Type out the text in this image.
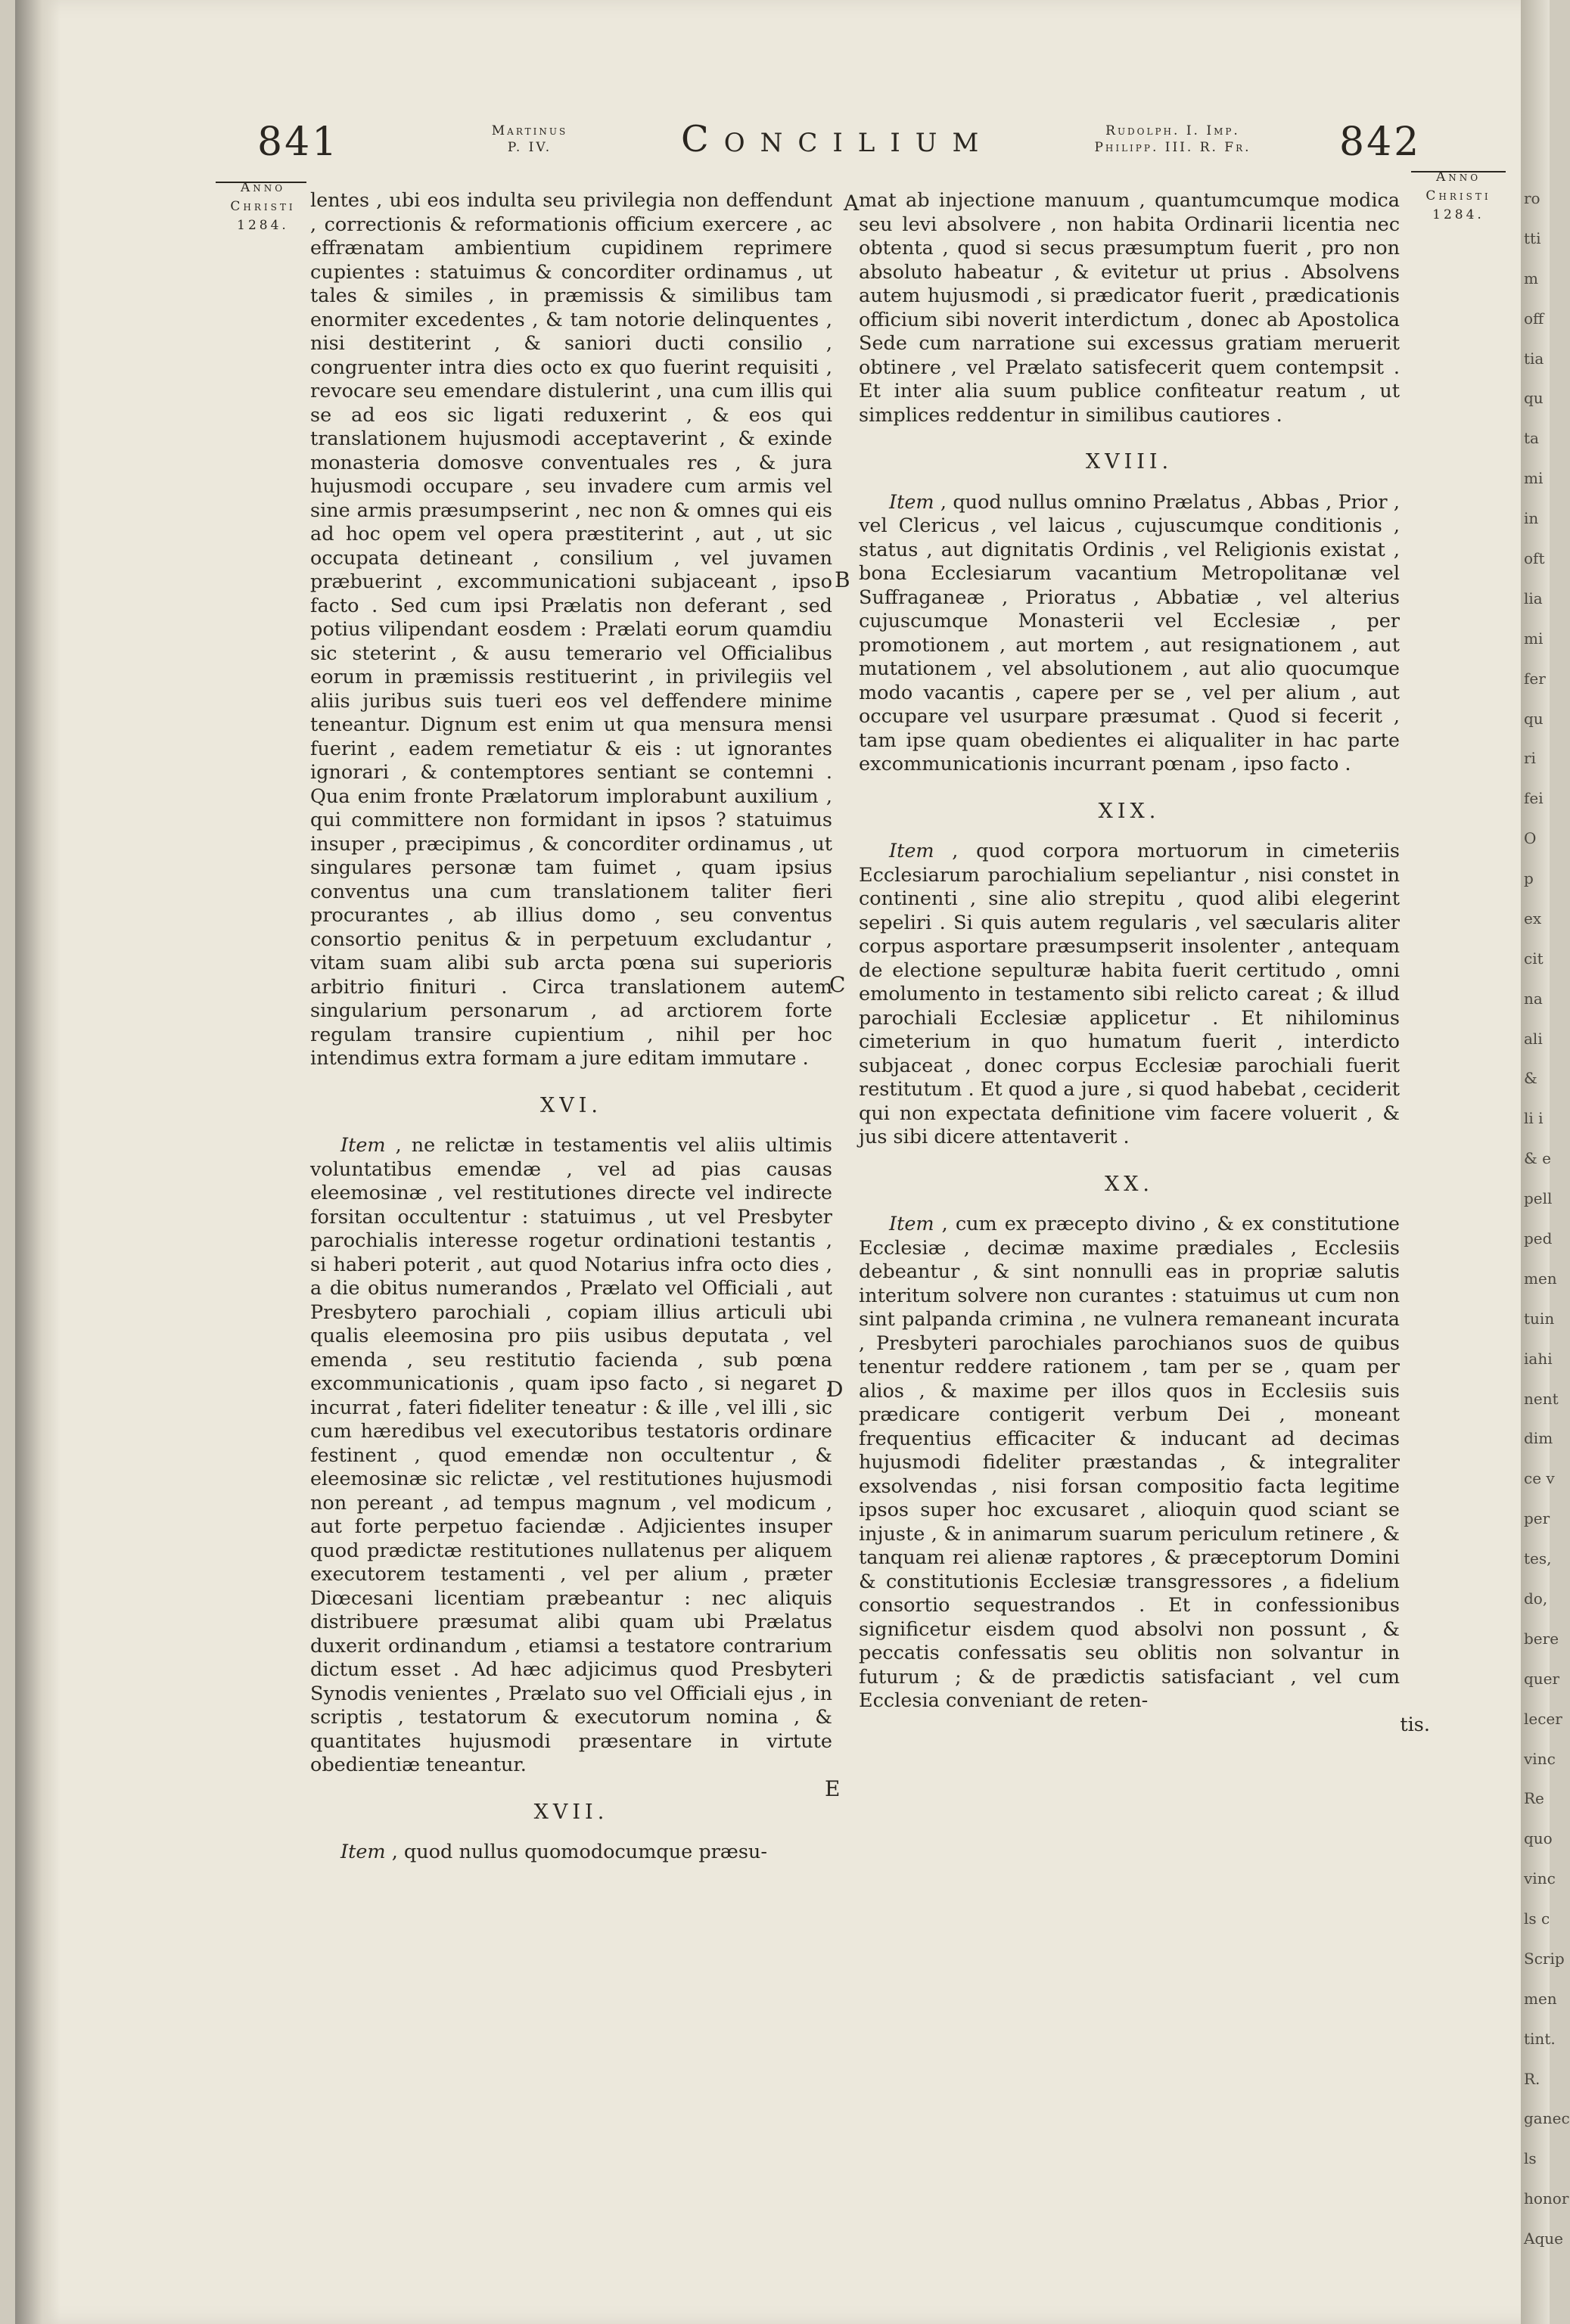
ro
tti
m
off
tia
qu
ta
mi
in
oft
lia
mi
fer
qu
ri
fei
O
p
ex
cit
na
ali
&
li i
& e
pell
ped
men
tuin
iahi
nent
dim
ce v
per
tes,
do,
bere
quer
lecer
vinc
Re
quo
vinc
ls c
Scrip
men
tint.
R.
ganec
ls
honor
Aque
841	Martinus
P. IV.	Concilium	Rudolph. I. Imp.
Philipp. III. R. Fr.	842
Anno
Christi
1284.
Anno
Christi
1284.
A
B
C
D
E

lentes , ubi eos indulta seu privilegia non deffendunt , correctionis & reformationis officium exercere , ac effrænatam ambientium cupidinem reprimere cupientes : statuimus & concorditer ordinamus , ut tales & similes , in præmissis & similibus tam enormiter excedentes , & tam notorie delinquentes , nisi destiterint , & saniori ducti consilio , congruenter intra dies octo ex quo fuerint requisiti , revocare seu emendare distulerint , una cum illis qui se ad eos sic ligati reduxerint , & eos qui translationem hujusmodi acceptaverint , & exinde monasteria domosve conventuales res , & jura hujusmodi occupare , seu invadere cum armis vel sine armis præsumpserint , nec non & omnes qui eis ad hoc opem vel opera præstiterint , aut , ut sic occupata detineant , consilium , vel juvamen præbuerint , excommunicationi subjaceant , ipso facto . Sed cum ipsi Prælatis non deferant , sed potius vilipendant eosdem : Prælati eorum quamdiu sic steterint , & ausu temerario vel Officialibus eorum in præmissis restituerint , in privilegiis vel aliis juribus suis tueri eos vel deffendere minime teneantur. Dignum est enim ut qua mensura mensi fuerint , eadem remetiatur & eis : ut ignorantes ignorari , & contemptores sentiant se contemni . Qua enim fronte Prælatorum implorabunt auxilium , qui committere non formidant in ipsos ? statuimus insuper , præcipimus , & concorditer ordinamus , ut singulares personæ tam fuimet , quam ipsius conventus una cum translationem taliter fieri procurantes , ab illius domo , seu conventus consortio penitus & in perpetuum excludantur , vitam suam alibi sub arcta pœna sui superioris arbitrio finituri . Circa translationem autem singularium personarum , ad arctiorem forte regulam transire cupientium , nihil per hoc intendimus extra formam a jure editam immutare .

XVI.

Item , ne relictæ in testamentis vel aliis ultimis voluntatibus emendæ , vel ad pias causas eleemosinæ , vel restitutiones directe vel indirecte forsitan occultentur : statuimus , ut vel Presbyter parochialis interesse rogetur ordinationi testantis , si haberi poterit , aut quod Notarius infra octo dies , a die obitus numerandos , Prælato vel Officiali , aut Presbytero parochiali , copiam illius articuli ubi qualis eleemosina pro piis usibus deputata , vel emenda , seu restitutio facienda , sub pœna excommunicationis , quam ipso facto , si negaret , incurrat , fateri fideliter teneatur : & ille , vel illi , sic cum hæredibus vel executoribus testatoris ordinare festinent , quod emendæ non occultentur , & eleemosinæ sic relictæ , vel restitutiones hujusmodi non pereant , ad tempus magnum , vel modicum , aut forte perpetuo faciendæ . Adjicientes insuper quod prædictæ restitutiones nullatenus per aliquem executorem testamenti , vel per alium , præter Diœcesani licentiam præbeantur : nec aliquis distribuere præsumat alibi quam ubi Prælatus duxerit ordinandum , etiamsi a testatore contrarium dictum esset . Ad hæc adjicimus quod Presbyteri Synodis venientes , Prælato suo vel Officiali ejus , in scriptis , testatorum & executorum nomina , & quantitates hujusmodi præsentare in virtute obedientiæ teneantur.

XVII.

Item , quod nullus quomodocumque præsu-

mat ab injectione manuum , quantumcumque modica seu levi absolvere , non habita Ordinarii licentia nec obtenta , quod si secus præsumptum fuerit , pro non absoluto habeatur , & evitetur ut prius . Absolvens autem hujusmodi , si prædicator fuerit , prædicationis officium sibi noverit interdictum , donec ab Apostolica Sede cum narratione sui excessus gratiam meruerit obtinere , vel Prælato satisfecerit quem contempsit . Et inter alia suum publice confiteatur reatum , ut simplices reddentur in similibus cautiores .

XVIII.

Item , quod nullus omnino Prælatus , Abbas , Prior , vel Clericus , vel laicus , cujuscumque conditionis , status , aut dignitatis Ordinis , vel Religionis existat , bona Ecclesiarum vacantium Metropolitanæ vel Suffraganeæ , Prioratus , Abbatiæ , vel alterius cujuscumque Monasterii vel Ecclesiæ , per promotionem , aut mortem , aut resignationem , aut mutationem , vel absolutionem , aut alio quocumque modo vacantis , capere per se , vel per alium , aut occupare vel usurpare præsumat . Quod si fecerit , tam ipse quam obedientes ei aliqualiter in hac parte excommunicationis incurrant pœnam , ipso facto .

XIX.

Item , quod corpora mortuorum in cimeteriis Ecclesiarum parochialium sepeliantur , nisi constet in continenti , sine alio strepitu , quod alibi elegerint sepeliri . Si quis autem regularis , vel sæcularis aliter corpus asportare præsumpserit insolenter , antequam de electione sepulturæ habita fuerit certitudo , omni emolumento in testamento sibi relicto careat ; & illud parochiali Ecclesiæ applicetur . Et nihilominus cimeterium in quo humatum fuerit , interdicto subjaceat , donec corpus Ecclesiæ parochiali fuerit restitutum . Et quod a jure , si quod habebat , ceciderit qui non expectata definitione vim facere voluerit , & jus sibi dicere attentaverit .

XX.

Item , cum ex præcepto divino , & ex constitutione Ecclesiæ , decimæ maxime prædiales , Ecclesiis debeantur , & sint nonnulli eas in propriæ salutis interitum solvere non curantes : statuimus ut cum non sint palpanda crimina , ne vulnera remaneant incurata , Presbyteri parochiales parochianos suos de quibus tenentur reddere rationem , tam per se , quam per alios , & maxime per illos quos in Ecclesiis suis prædicare contigerit verbum Dei , moneant frequentius efficaciter & inducant ad decimas hujusmodi fideliter præstandas , & integraliter exsolvendas , nisi forsan compositio facta legitime ipsos super hoc excusaret , alioquin quod sciant se injuste , & in animarum suarum periculum retinere , & tanquam rei alienæ raptores , & præceptorum Domini & constitutionis Ecclesiæ transgressores , a fidelium consortio sequestrandos . Et in confessionibus significetur eisdem quod absolvi non possunt , & peccatis confessatis seu oblitis non solvantur in futurum ; & de prædictis satisfaciant , vel cum Ecclesia conveniant de reten-

tis.
